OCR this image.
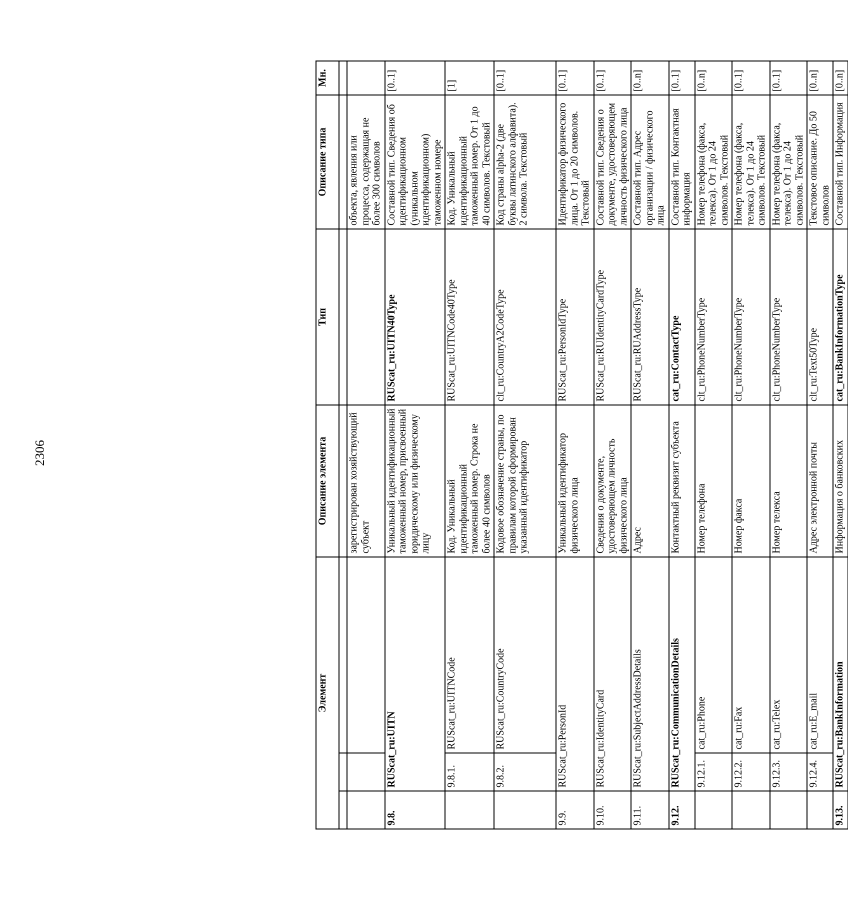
2306
Элемент			Описание элемента	Тип	Описание типа	Мн.

			зарегистрирован хозяйствующий субъект		объекта, явления или процесса, содержащая не более 300 символов	
9.8.	RUScat_ru:UITN		Уникальный идентификационный таможенный номер, присвоенный юридическому или физическому лицу	RUScat_ru:UITN40Type	Составной тип. Сведения об идентификационном (уникальном идентификационном) таможенном номере	[0..1]
	9.8.1.	RUScat_ru:UITNCode	Код. Уникальный идентификационный таможенный номер. Строка не более 40 символов	RUScat_ru:UITNCode40Type	Код. Уникальный идентификационный таможенный номер. От 1 до 40 символов. Текстовый	[1]
	9.8.2.	RUScat_ru:CountryCode	Кодовое обозначение страны, по правилам которой сформирован указанный идентификатор	clt_ru:CountryA2CodeType	Код страны alpha-2 (две буквы латинского алфавита). 2 символа. Текстовый	[0..1]
9.9.	RUScat_ru:PersonId		Уникальный идентификатор физического лица	RUScat_ru:PersonIdType	Идентификатор физического лица. От 1 до 20 символов. Текстовый	[0..1]
9.10.	RUScat_ru:IdentityCard		Сведения о документе, удостоверяющем личность физического лица	RUScat_ru:RUIdentityCardType	Составной тип. Сведения о документе, удостоверяющем личность физического лица	[0..1]
9.11.	RUScat_ru:SubjectAddressDetails		Адрес	RUScat_ru:RUAddressType	Составной тип. Адрес организации / физического лица	[0..n]
9.12.	RUScat_ru:CommunicationDetails		Контактный реквизит субъекта	cat_ru:ContactType	Составной тип. Контактная информация	[0..1]
	9.12.1.	cat_ru:Phone	Номер телефона	clt_ru:PhoneNumberType	Номер телефона (факса, телекса). От 1 до 24 символов. Текстовый	[0..n]
	9.12.2.	cat_ru:Fax	Номер факса	clt_ru:PhoneNumberType	Номер телефона (факса, телекса). От 1 до 24 символов. Текстовый	[0..1]
	9.12.3.	cat_ru:Telex	Номер телекса	clt_ru:PhoneNumberType	Номер телефона (факса, телекса). От 1 до 24 символов. Текстовый	[0..1]
	9.12.4.	cat_ru:E_mail	Адрес электронной почты	clt_ru:Text50Type	Текстовое описание. До 50 символов	[0..n]
9.13.	RUScat_ru:BankInformation		Информация о банковских	cat_ru:BankInformationType	Составной тип. Информация	[0..n]
